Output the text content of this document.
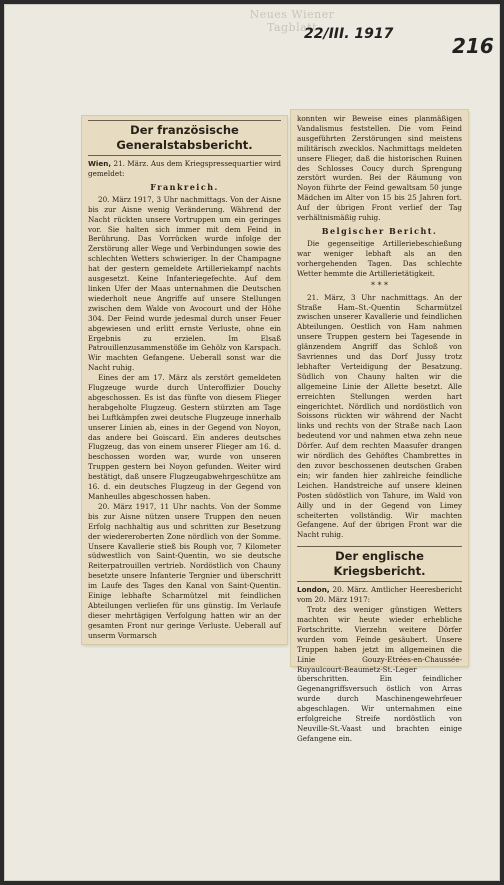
Neues Wiener Tagblatt
22/III. 1917	216
Der französische Generalstabsbericht.

Wien, 21. März. Aus dem Kriegspressequartier wird gemeldet:

Frankreich.

20. März 1917, 3 Uhr nachmittags. Von der Aisne bis zur Aisne wenig Veränderung. Während der Nacht rückten unsere Vortruppen um ein geringes vor. Sie halten sich immer mit dem Feind in Berührung. Das Vorrücken wurde infolge der Zerstörung aller Wege und Verbindungen sowie des schlechten Wetters schwieriger. In der Champagne hat der gestern gemeldete Artilleriekampf nachts ausgesetzt. Keine Infanteriegefechte. Auf dem linken Ufer der Maas unternahmen die Deutschen wiederholt neue Angriffe auf unsere Stellungen zwischen dem Walde von Avocourt und der Höhe 304. Der Feind wurde jedesmal durch unser Feuer abgewiesen und erlitt ernste Verluste, ohne ein Ergebnis zu erzielen. Im Elsaß Patrouillenzusammenstöße im Gehölz von Karspach. Wir machten Gefangene. Ueberall sonst war die Nacht ruhig.

Eines der am 17. März als zerstört gemeldeten Flugzeuge wurde durch Unteroffizier Douchy abgeschossen. Es ist das fünfte von diesem Flieger herabgeholte Flugzeug. Gestern stürzten am Tage bei Luftkämpfen zwei deutsche Flugzeuge innerhalb unserer Linien ab, eines in der Gegend von Noyon, das andere bei Goiscard. Ein anderes deutsches Flugzeug, das von einem unserer Flieger am 16. d. beschossen worden war, wurde von unseren Truppen gestern bei Noyon gefunden. Weiter wird bestätigt, daß unsere Flugzeugabwehrgeschütze am 16. d. ein deutsches Flugzeug in der Gegend von Manheulles abgeschossen haben.

20. März 1917, 11 Uhr nachts. Von der Somme bis zur Aisne nützen unsere Truppen den neuen Erfolg nachhaltig aus und schritten zur Besetzung der wiedereroberten Zone nördlich von der Somme. Unsere Kavallerie stieß bis Rouph vor, 7 Kilometer südwestlich von Saint-Quentin, wo sie deutsche Reiterpatrouillen vertrieb. Nordöstlich von Chauny besetzte unsere Infanterie Tergnier und überschritt im Laufe des Tages den Kanal von Saint-Quentin. Einige lebhafte Scharmützel mit feindlichen Abteilungen verliefen für uns günstig. Im Verlaufe dieser mehrtägigen Verfolgung hatten wir an der gesamten Front nur geringe Verluste. Ueberall auf unserm Vormarsch

konnten wir Beweise eines planmäßigen Vandalismus feststellen. Die vom Feind ausgeführten Zerstörungen sind meistens militärisch zwecklos. Nachmittags meldeten unsere Flieger, daß die historischen Ruinen des Schlosses Coucy durch Sprengung zerstört wurden. Bei der Räumung von Noyon führte der Feind gewaltsam 50 junge Mädchen im Alter von 15 bis 25 Jahren fort. Auf der übrigen Front verlief der Tag verhältnismäßig ruhig.

Belgischer Bericht.

Die gegenseitige Artilleriebeschießung war weniger lebhaft als an den vorhergehenden Tagen. Das schlechte Wetter hemmte die Artillerietätigkeit.

* * *

21. März, 3 Uhr nachmittags. An der Straße Ham–St.-Quentin Scharmützel zwischen unserer Kavallerie und feindlichen Abteilungen. Oestlich von Ham nahmen unsere Truppen gestern bei Tagesende in glänzendem Angriff das Schloß von Savriennes und das Dorf Jussy trotz lebhafter Verteidigung der Besatzung. Südlich von Chauny halten wir die allgemeine Linie der Allette besetzt. Alle erreichten Stellungen werden hart eingerichtet. Nördlich und nordöstlich von Soissons rückten wir während der Nacht links und rechts von der Straße nach Laon bedeutend vor und nahmen etwa zehn neue Dörfer. Auf dem rechten Maasufer drangen wir nördlich des Gehöftes Chambrettes in den zuvor beschossenen deutschen Graben ein; wir fanden hier zahlreiche feindliche Leichen. Handstreiche auf unsere kleinen Posten südöstlich von Tahure, im Wald von Ailly und in der Gegend von Limey scheiterten vollständig. Wir machten Gefangene. Auf der übrigen Front war die Nacht ruhig.

Der englische Kriegsbericht.

London, 20. März. Amtlicher Heeresbericht vom 20. März 1917:

Trotz des weniger günstigen Wetters machten wir heute wieder erhebliche Fortschritte. Vierzehn weitere Dörfer wurden vom Feinde gesäubert. Unsere Truppen haben jetzt im allgemeinen die Linie Gouzy-Etrées-en-Chaussée-Ruyaulcourt-Beaumetz-St.-Leger überschritten. Ein feindlicher Gegenangriffsversuch östlich von Arras wurde durch Maschinengewehrfeuer abgeschlagen. Wir unternahmen eine erfolgreiche Streife nordöstlich von Neuville-St.-Vaast und brachten einige Gefangene ein.
